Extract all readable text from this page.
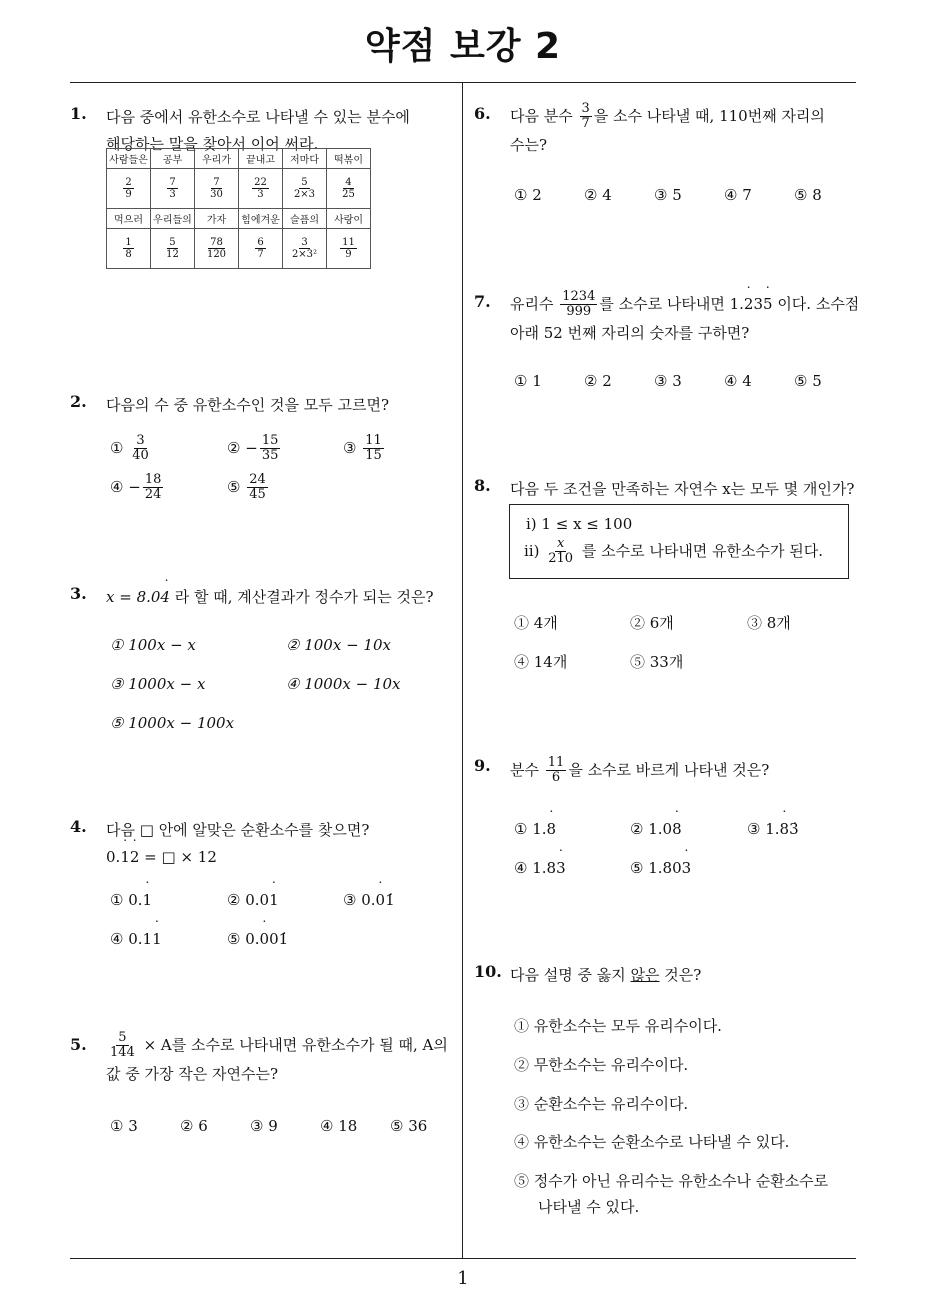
약점 보강 2
1
1. 다음 중에서 유한소수로 나타낼 수 있는 분수에
해당하는 말을 찾아서 이어 써라.
사람들은	공부	우리가	끝내고	저마다	떡볶이

$\frac{2}{9}$	$\frac{7}{3}$	$\frac{7}{30}$	$\frac{22}{3}$	$\frac{5}{2\times 3}$	$\frac{4}{25}$

먹으러	우리들의	가자	힘에겨운	슬픔의	사랑이

$\frac{1}{8}$	$\frac{5}{12}$	$\frac{78}{120}$	$\frac{6}{7}$	$\frac{3}{\text{2×3²}}$	$\frac{11}{9}$
2. 다음의 수 중 유한소수인 것을 모두 고르면?
① $\frac{3}{40}$	② − $\frac{15}{35}$	③ $\frac{11}{15}$
④ − $\frac{18}{24}$	⑤ $\frac{24}{45}$
3. x = 8.04 ˙ 라 할 때, 계산결과가 정수가 되는 것은?
① 100x − x	② 100x − 10x
③ 1000x − x	④ 1000x − 10x
⑤ 1000x − 100x
4. 다음 □ 안에 알맞은 순환소수를 찾으면?
0.1 ˙2 ˙ = □ × 12
① 0.1 ˙	② 0.01 ˙	③ 0.0 ˙1̇
④ 0.11 ˙	⑤ 0.0 ˙01̇
5. $\frac{5}{144} \times A$를 소수로 나타내면 유한소수가 될 때, A의
값 중 가장 작은 자연수는?
① 3	② 6	③ 9	④ 18 ⑤ 36
6. 다음 분수 $\frac{3}{7}$ 을 소수 나타낼 때, 110번째 자리의
수는?
① 2	② 4	③ 5	④ 7	⑤ 8
7. 유리수 $\frac{1234}{999}$ 를 소수로 나타내면 1.2 ˙35 ˙ 이다. 소수점
아래 52 번째 자리의 숫자를 구하면?
① 1	② 2	③ 3	④ 4	⑤ 5
8. 다음 두 조건을 만족하는 자연수 x는 모두 몇 개인가?
ⅰ) 1 ≤ x ≤ 100
ⅱ) $\frac{x}{210}$ 를 소수로 나타내면 유한소수가 된다.
① 4개	② 6개	③ 8개
④ 14개	⑤ 33개
9. 분수 $\frac{11}{6}$ 을 소수로 바르게 나타낸 것은?
① 1.8 ˙	② 1.08 ˙	③ 1.8 ˙3̇
④ 1.83 ˙	⑤ 1.803 ˙
10. 다음 설명 중 옳지 않은 것은?
① 유한소수는 모두 유리수이다.
② 무한소수는 유리수이다.
③ 순환소수는 유리수이다.
④ 유한소수는 순환소수로 나타낼 수 있다.
⑤ 정수가 아닌 유리수는 유한소수나 순환소수로
나타낼 수 있다.
